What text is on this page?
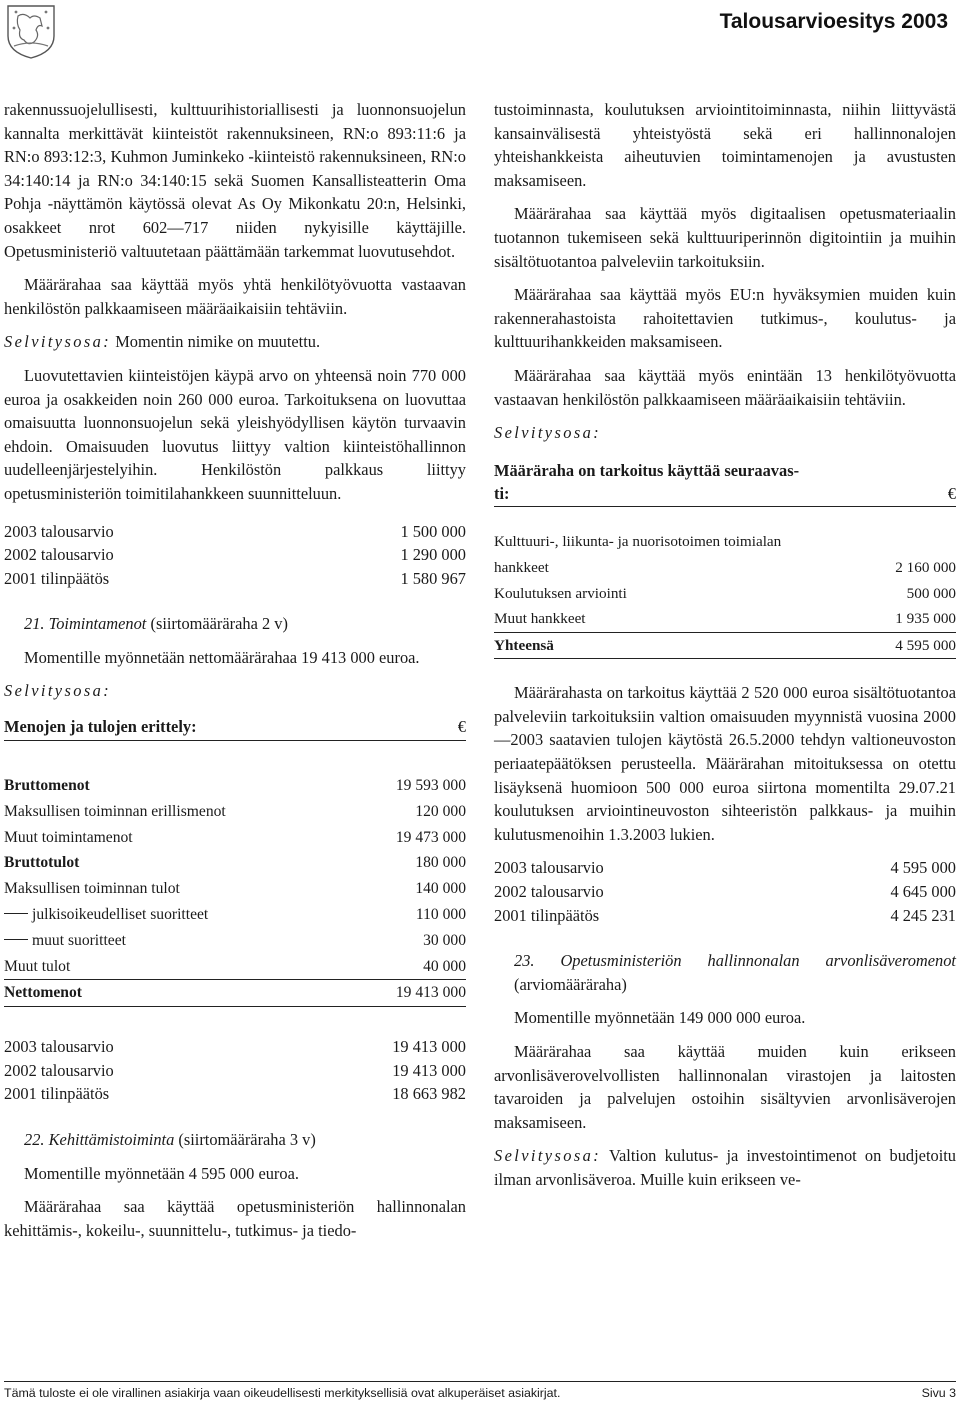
Talousarvioesitys 2003

rakennussuojelullisesti, kulttuurihistoriallisesti ja luonnonsuojelun kannalta merkittävät kiinteistöt rakennuksineen, RN:o 893:11:6 ja RN:o 893:12:3, Kuhmon Juminkeko -kiinteistö rakennuksineen, RN:o 34:140:14 ja RN:o 34:140:15 sekä Suomen Kansallisteatterin Oma Pohja -näyttämön käytössä olevat As Oy Mikonkatu 20:n, Helsinki, osakkeet nrot 602—717 niiden nykyisille käyttäjille. Opetusministeriö valtuutetaan päättämään tarkemmat luovutusehdot.

Määrärahaa saa käyttää myös yhtä henkilötyövuotta vastaavan henkilöstön palkkaamiseen määräaikaisiin tehtäviin.

Selvitysosa: Momentin nimike on muutettu.

Luovutettavien kiinteistöjen käypä arvo on yhteensä noin 770 000 euroa ja osakkeiden noin 260 000 euroa. Tarkoituksena on luovuttaa omaisuutta luonnonsuojelun sekä yleishyödyllisen käytön turvaavin ehdoin. Omaisuuden luovutus liittyy valtion kiinteistöhallinnon uudelleenjärjestelyihin. Henkilöstön palkkaus liittyy opetusministeriön toimitilahankkeen suunnitteluun.

2003 talousarvio	1 500 000
2002 talousarvio	1 290 000
2001 tilinpäätös	1 580 967

21. Toimintamenot (siirtomääräraha 2 v)

Momentille myönnetään nettomäärärahaa 19 413 000 euroa.

Selvitysosa:

Menojen ja tulojen erittely:	€
Bruttomenot	19 593 000
Maksullisen toiminnan erillismenot	120 000
Muut toimintamenot	19 473 000
Bruttotulot	180 000
Maksullisen toiminnan tulot	140 000
julkisoikeudelliset suoritteet	110 000
muut suoritteet	30 000
Muut tulot	40 000
Nettomenot	19 413 000
2003 talousarvio	19 413 000
2002 talousarvio	19 413 000
2001 tilinpäätös	18 663 982

22. Kehittämistoiminta (siirtomääräraha 3 v)

Momentille myönnetään 4 595 000 euroa.

Määrärahaa saa käyttää opetusministeriön hallinnonalan kehittämis-, kokeilu-, suunnittelu-, tutkimus- ja tiedo-

tustoiminnasta, koulutuksen arviointitoiminnasta, niihin liittyvästä kansainvälisestä yhteistyöstä sekä eri hallinnonalojen yhteishankkeista aiheutuvien toimintamenojen ja avustusten maksamiseen.

Määrärahaa saa käyttää myös digitaalisen opetusmateriaalin tuotannon tukemiseen sekä kulttuuriperinnön digitointiin ja muihin sisältötuotantoa palveleviin tarkoituksiin.

Määrärahaa saa käyttää myös EU:n hyväksymien muiden kuin rakennerahastoista rahoitettavien tutkimus-, koulutus- ja kulttuurihankkeiden maksamiseen.

Määrärahaa saa käyttää myös enintään 13 henkilötyövuotta vastaavan henkilöstön palkkaamiseen määräaikaisiin tehtäviin.

Selvitysosa:

Määräraha on tarkoitus käyttää seuraavas-
ti:	€
Kulttuuri-, liikunta- ja nuorisotoimen toimialan
hankkeet	2 160 000
Koulutuksen arviointi	500 000
Muut hankkeet	1 935 000
Yhteensä	4 595 000

Määrärahasta on tarkoitus käyttää 2 520 000 euroa sisältötuotantoa palveleviin tarkoituksiin valtion omaisuuden myynnistä vuosina 2000—2003 saatavien tulojen käytöstä 26.5.2000 tehdyn valtioneuvoston periaatepäätöksen perusteella. Määrärahan mitoituksessa on otettu lisäyksenä huomioon 500 000 euroa siirtona momentilta 29.07.21 koulutuksen arviointineuvoston sihteeristön palkkaus- ja muihin kulutusmenoihin 1.3.2003 lukien.

2003 talousarvio	4 595 000
2002 talousarvio	4 645 000
2001 tilinpäätös	4 245 231

23. Opetusministeriön hallinnonalan arvonlisäveromenot (arviomääräraha)

Momentille myönnetään 149 000 000 euroa.

Määrärahaa saa käyttää muiden kuin erikseen arvonlisäverovelvollisten hallinnonalan virastojen ja laitosten tavaroiden ja palvelujen ostoihin sisältyvien arvonlisäverojen maksamiseen.

Selvitysosa: Valtion kulutus- ja investointimenot on budjetoitu ilman arvonlisäveroa. Muille kuin erikseen ve-

Tämä tuloste ei ole virallinen asiakirja vaan oikeudellisesti merkityksellisiä ovat alkuperäiset asiakirjat.	Sivu 3
